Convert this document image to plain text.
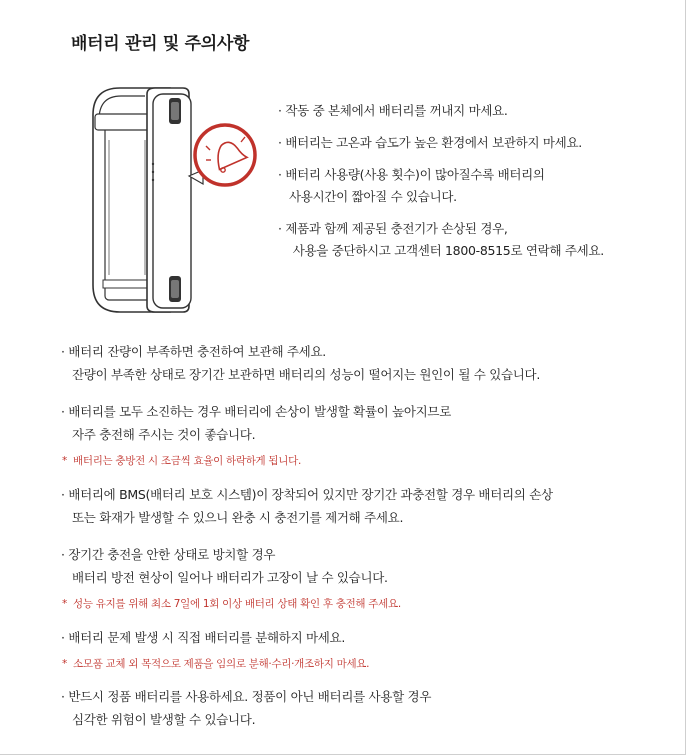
배터리 관리 및 주의사항
· 작동 중 본체에서 배터리를 꺼내지 마세요.
· 배터리는 고온과 습도가 높은 환경에서 보관하지 마세요.
· 배터리 사용량(사용 횟수)이 많아질수록 배터리의
사용시간이 짧아질 수 있습니다.
· 제품과 함께 제공된 충전기가 손상된 경우,
사용을 중단하시고 고객센터 1800-8515로 연락해 주세요.
· 배터리 잔량이 부족하면 충전하여 보관해 주세요.
잔량이 부족한 상태로 장기간 보관하면 배터리의 성능이 떨어지는 원인이 될 수 있습니다.
· 배터리를 모두 소진하는 경우 배터리에 손상이 발생할 확률이 높아지므로
자주 충전해 주시는 것이 좋습니다.
*  배터리는 충방전 시 조금씩 효율이 하락하게 됩니다.
· 배터리에 BMS(배터리 보호 시스템)이 장착되어 있지만 장기간 과충전할 경우 배터리의 손상
또는 화재가 발생할 수 있으니 완충 시 충전기를 제거해 주세요.
· 장기간 충전을 안한 상태로 방치할 경우
배터리 방전 현상이 일어나 배터리가 고장이 날 수 있습니다.
*  성능 유지를 위해 최소 7일에 1회 이상 배터리 상태 확인 후 충전해 주세요.
· 배터리 문제 발생 시 직접 배터리를 분해하지 마세요.
*  소모품 교체 외 목적으로 제품을 임의로 분해·수리·개조하지 마세요.
· 반드시 정품 배터리를 사용하세요. 정품이 아닌 배터리를 사용할 경우
심각한 위험이 발생할 수 있습니다.
